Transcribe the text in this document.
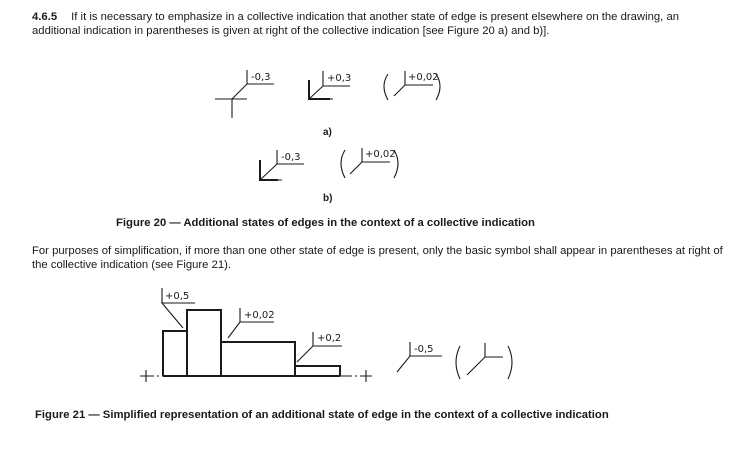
4.6.5 If it is necessary to emphasize in a collective indication that another state of edge is present elsewhere on the drawing, an additional indication in parentheses is given at right of the collective indication [see Figure 20 a) and b)].

-0,3	+0,3	+0,02
a)
-0,3	+0,02
b)
+0,5
+0,02
+0,2
-0,5
Figure 20 — Additional states of edges in the context of a collective indication

For purposes of simplification, if more than one other state of edge is present, only the basic symbol shall appear in parentheses at right of the collective indication (see Figure 21).

Figure 21 — Simplified representation of an additional state of edge in the context of a collective indication
